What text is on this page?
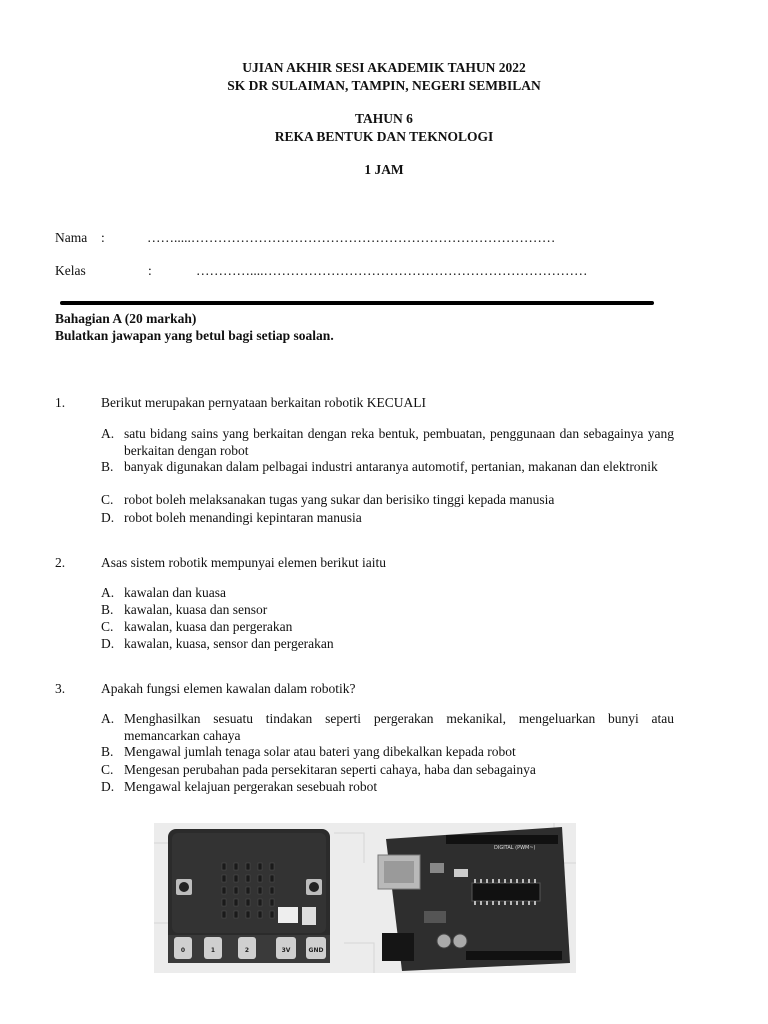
UJIAN AKHIR SESI AKADEMIK TAHUN 2022
SK DR SULAIMAN, TAMPIN, NEGERI SEMBILAN
TAHUN 6
REKA BENTUK DAN TEKNOLOGI
1 JAM
Nama :	…….....………………………………………………………………………
Kelas	:	…………....………………………………………………………………
Bahagian A (20 markah)
Bulatkan jawapan yang betul bagi setiap soalan.
1.	Berikut merupakan pernyataan berkaitan robotik KECUALI
A. satu bidang sains yang berkaitan dengan reka bentuk, pembuatan, penggunaan dan sebagainya yang berkaitan dengan robot
B. banyak digunakan dalam pelbagai industri antaranya automotif, pertanian, makanan dan elektronik
C. robot boleh melaksanakan tugas yang sukar dan berisiko tinggi kepada manusia
D. robot boleh menandingi kepintaran manusia
2.	Asas sistem robotik mempunyai elemen berikut iaitu
A. kawalan dan kuasa
B. kawalan, kuasa dan sensor
C. kawalan, kuasa dan pergerakan
D. kawalan, kuasa, sensor dan pergerakan
3.	Apakah fungsi elemen kawalan dalam robotik?
A. Menghasilkan sesuatu tindakan seperti pergerakan mekanikal, mengeluarkan bunyi atau memancarkan cahaya
B. Mengawal jumlah tenaga solar atau bateri yang dibekalkan kepada robot
C. Mengesan perubahan pada persekitaran seperti cahaya, haba dan sebagainya
D. Mengawal kelajuan pergerakan sesebuah robot
0	1	2	3V	GND
DIGITAL (PWM~)
